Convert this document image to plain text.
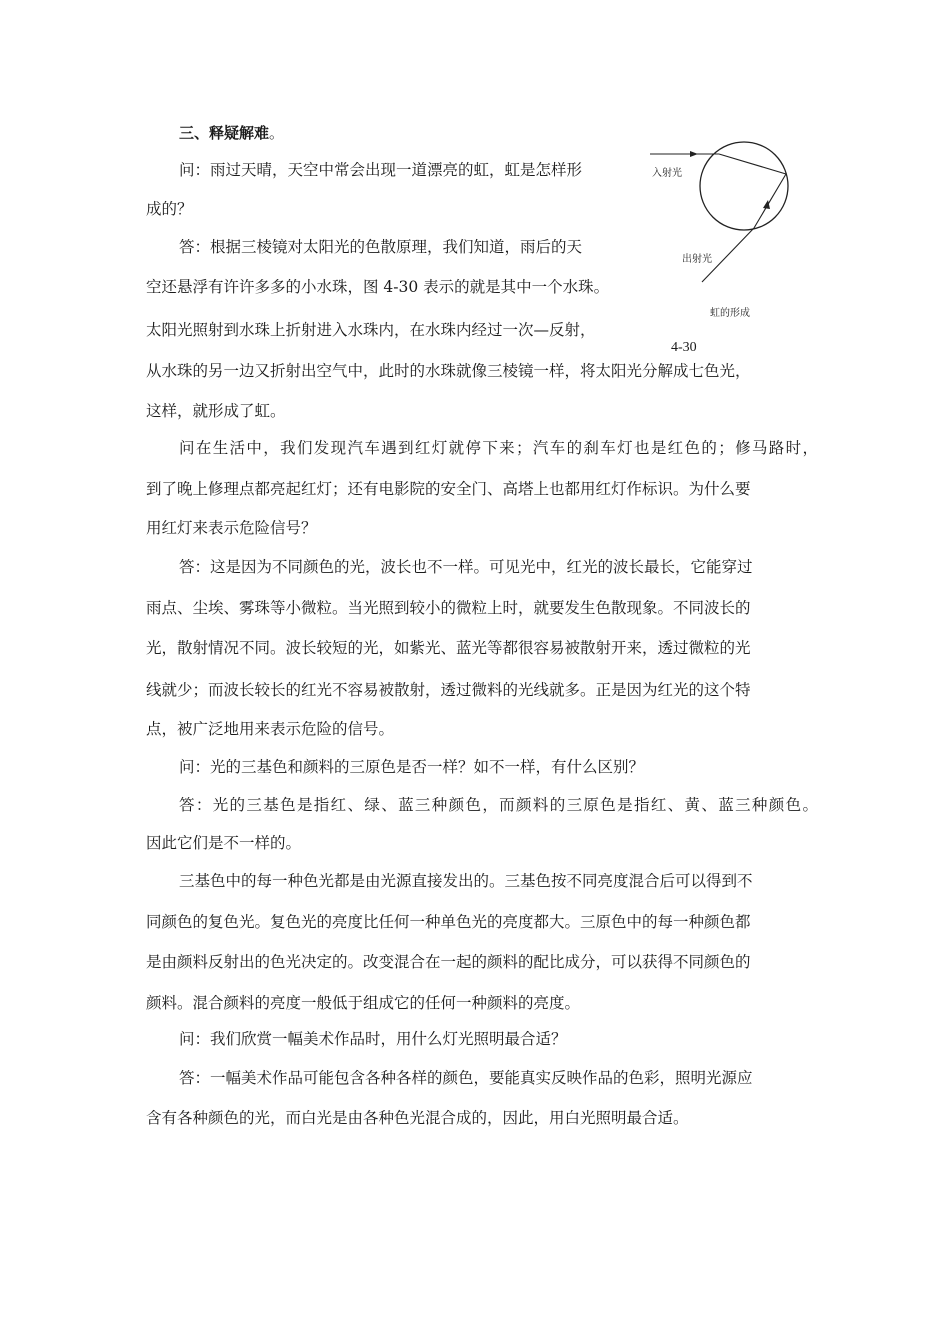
三、释疑解难。
问：雨过天晴，天空中常会出现一道漂亮的虹，虹是怎样形
成的？
答：根据三棱镜对太阳光的色散原理，我们知道，雨后的天
空还悬浮有许许多多的小水珠，图 4-30 表示的就是其中一个水珠。
太阳光照射到水珠上折射进入水珠内，在水珠内经过一次—反射，
从水珠的另一边又折射出空气中，此时的水珠就像三棱镜一样，将太阳光分解成七色光，
这样，就形成了虹。
问在生活中，我们发现汽车遇到红灯就停下来；汽车的刹车灯也是红色的；修马路时，
到了晚上修理点都亮起红灯；还有电影院的安全门、高塔上也都用红灯作标识。为什么要
用红灯来表示危险信号？
答：这是因为不同颜色的光，波长也不一样。可见光中，红光的波长最长，它能穿过
雨点、尘埃、雾珠等小微粒。当光照到较小的微粒上时，就要发生色散现象。不同波长的
光，散射情况不同。波长较短的光，如紫光、蓝光等都很容易被散射开来，透过微粒的光
线就少；而波长较长的红光不容易被散射，透过微料的光线就多。正是因为红光的这个特
点，被广泛地用来表示危险的信号。
问：光的三基色和颜料的三原色是否一样？如不一样，有什么区别？
答：光的三基色是指红、绿、蓝三种颜色，而颜料的三原色是指红、黄、蓝三种颜色。
因此它们是不一样的。
三基色中的每一种色光都是由光源直接发出的。三基色按不同亮度混合后可以得到不
同颜色的复色光。复色光的亮度比任何一种单色光的亮度都大。三原色中的每一种颜色都
是由颜料反射出的色光决定的。改变混合在一起的颜料的配比成分，可以获得不同颜色的
颜料。混合颜料的亮度一般低于组成它的任何一种颜料的亮度。
问：我们欣赏一幅美术作品时，用什么灯光照明最合适？
答：一幅美术作品可能包含各种各样的颜色，要能真实反映作品的色彩，照明光源应
含有各种颜色的光，而白光是由各种色光混合成的，因此，用白光照明最合适。
入射光
出射光
虹的形成
4-30
